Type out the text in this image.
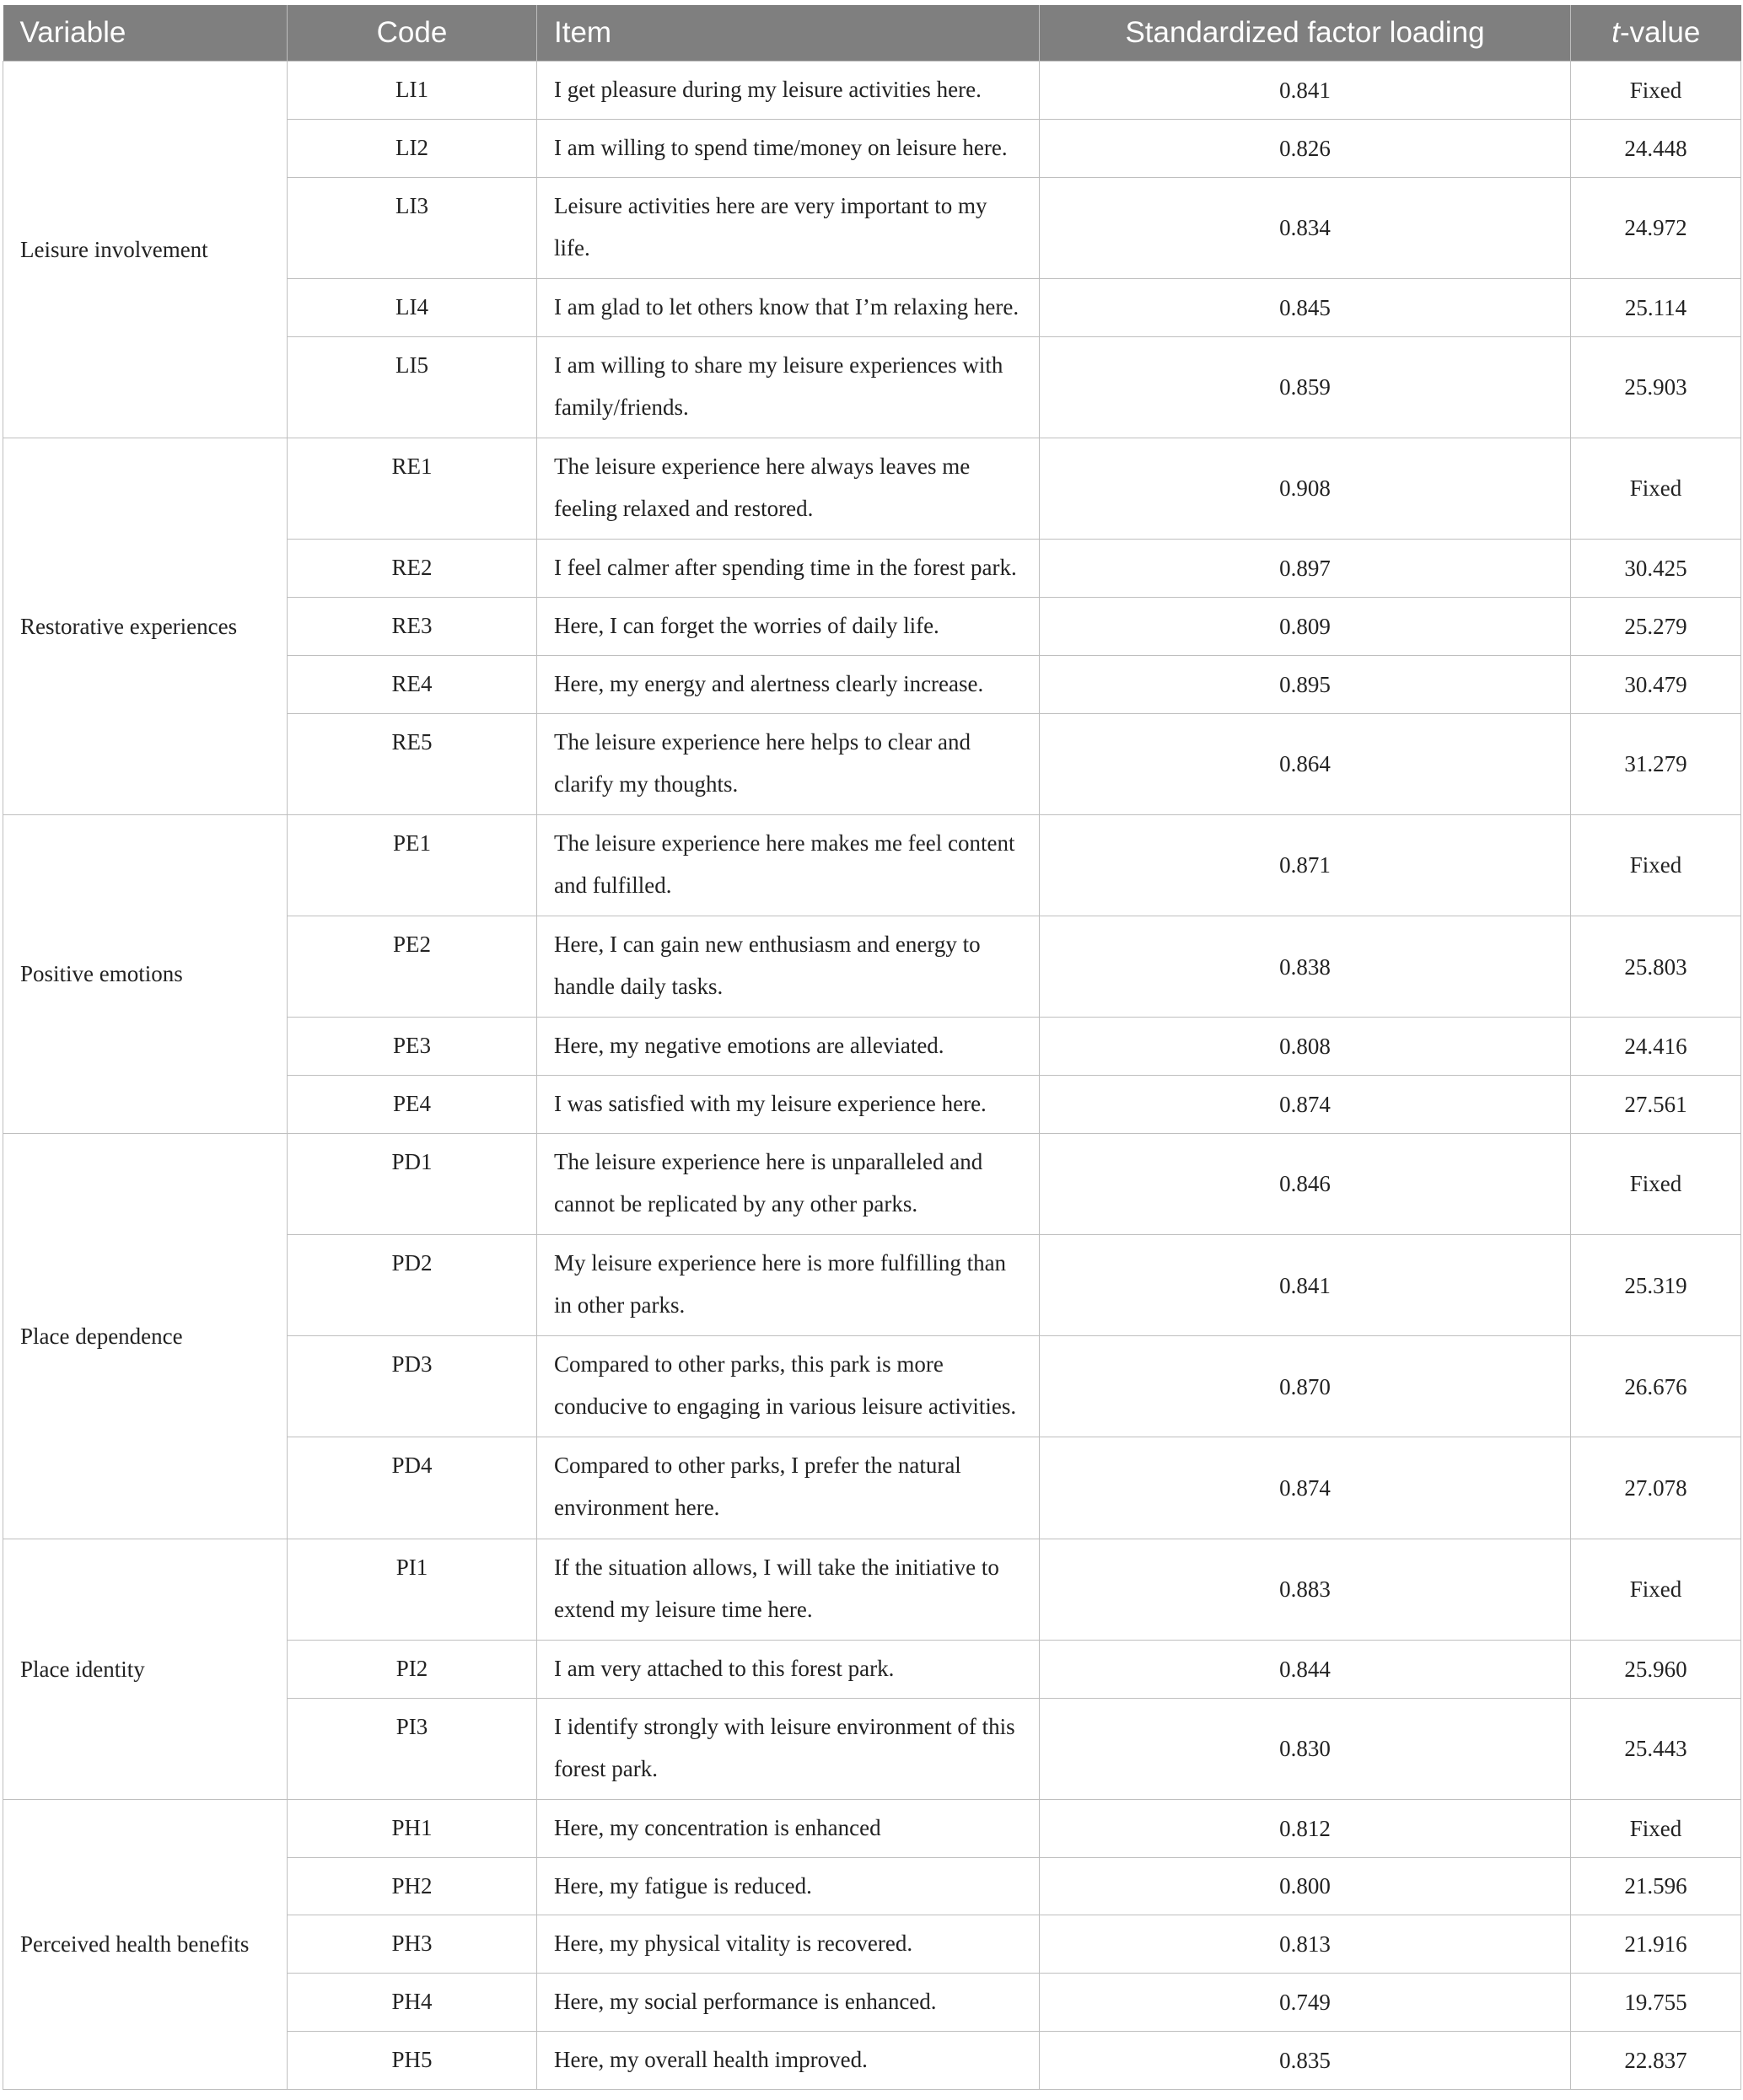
Variable	Code	Item	Standardized factor loading	t-value
Leisure involvement	LI1	I get pleasure during my leisure activities here.	0.841	Fixed
	LI2	I am willing to spend time/money on leisure here.	0.826	24.448
	LI3	Leisure activities here are very important to my life.	0.834	24.972
	LI4	I am glad to let others know that I’m relaxing here.	0.845	25.114
	LI5	I am willing to share my leisure experiences with family/friends.	0.859	25.903
Restorative experiences	RE1	The leisure experience here always leaves me feeling relaxed and restored.	0.908	Fixed
	RE2	I feel calmer after spending time in the forest park.	0.897	30.425
	RE3	Here, I can forget the worries of daily life.	0.809	25.279
	RE4	Here, my energy and alertness clearly increase.	0.895	30.479
	RE5	The leisure experience here helps to clear and clarify my thoughts.	0.864	31.279
Positive emotions	PE1	The leisure experience here makes me feel content and fulfilled.	0.871	Fixed
	PE2	Here, I can gain new enthusiasm and energy to handle daily tasks.	0.838	25.803
	PE3	Here, my negative emotions are alleviated.	0.808	24.416
	PE4	I was satisfied with my leisure experience here.	0.874	27.561
Place dependence	PD1	The leisure experience here is unparalleled and cannot be replicated by any other parks.	0.846	Fixed
	PD2	My leisure experience here is more fulfilling than in other parks.	0.841	25.319
	PD3	Compared to other parks, this park is more conducive to engaging in various leisure activities.	0.870	26.676
	PD4	Compared to other parks, I prefer the natural environment here.	0.874	27.078
Place identity	PI1	If the situation allows, I will take the initiative to extend my leisure time here.	0.883	Fixed
	PI2	I am very attached to this forest park.	0.844	25.960
	PI3	I identify strongly with leisure environment of this forest park.	0.830	25.443
Perceived health benefits	PH1	Here, my concentration is enhanced	0.812	Fixed
	PH2	Here, my fatigue is reduced.	0.800	21.596
	PH3	Here, my physical vitality is recovered.	0.813	21.916
	PH4	Here, my social performance is enhanced.	0.749	19.755
	PH5	Here, my overall health improved.	0.835	22.837
